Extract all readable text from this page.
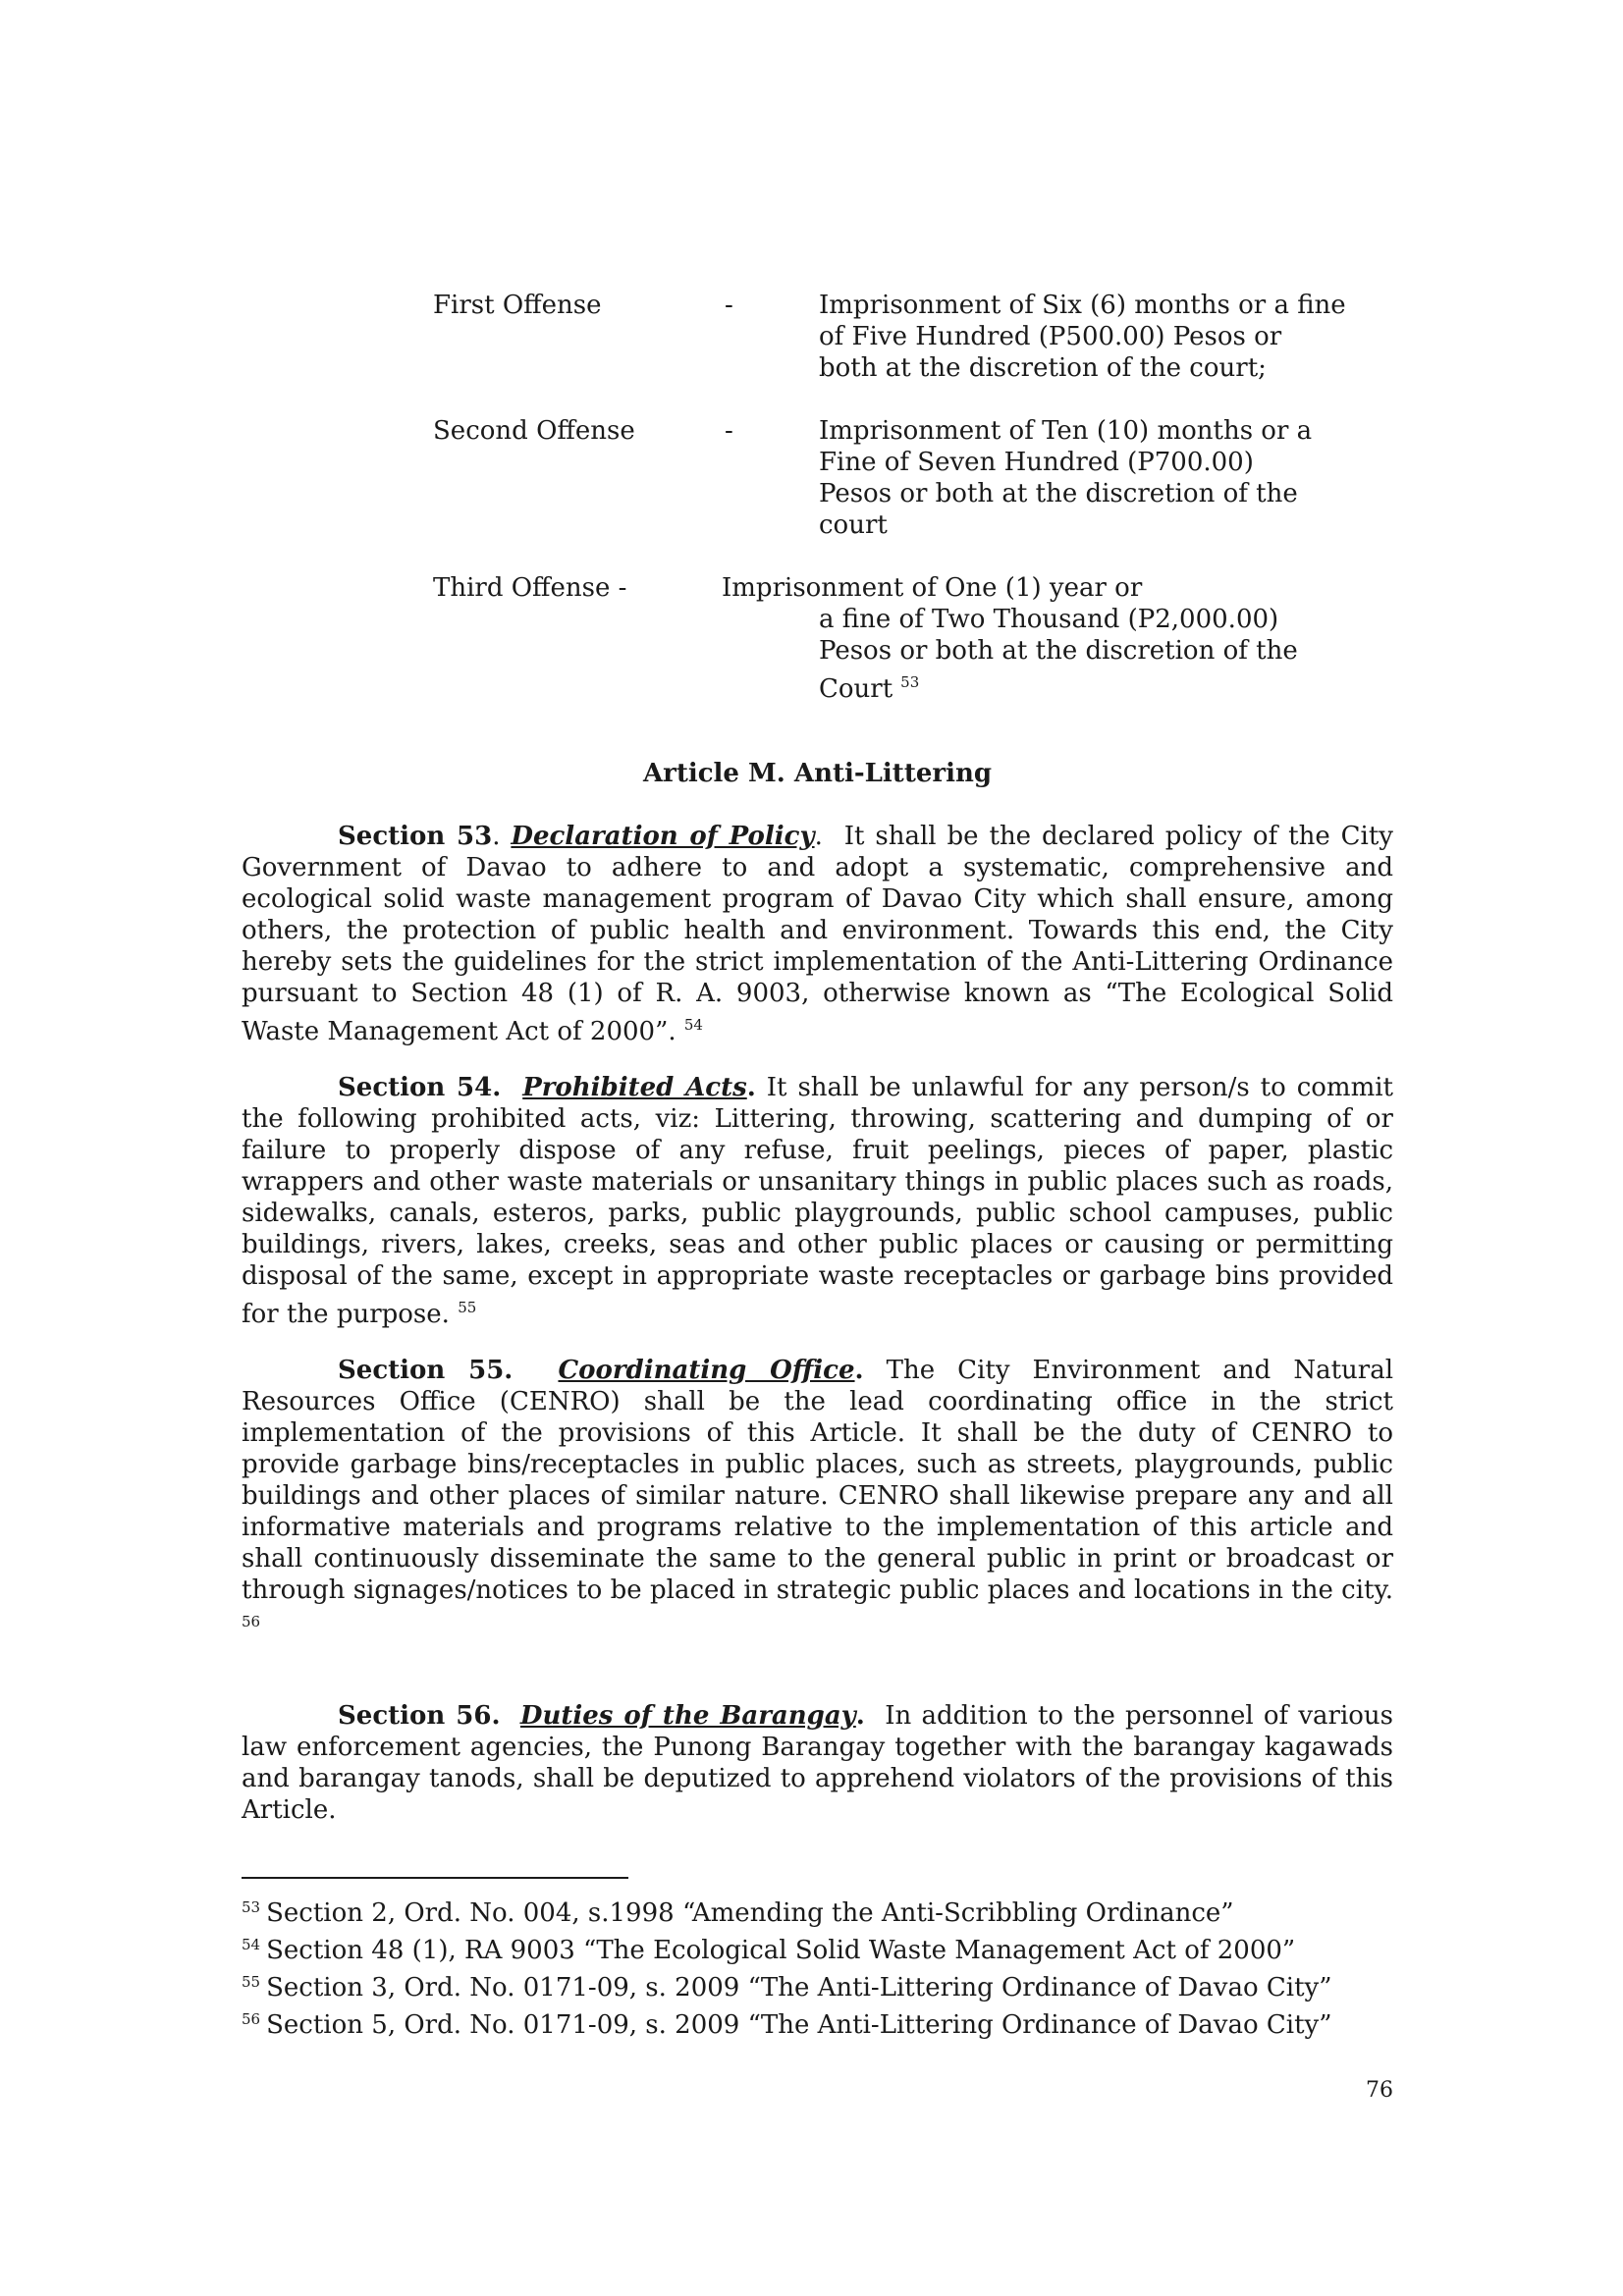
First Offense	-	Imprisonment of Six (6) months or a fine
of Five Hundred (P500.00) Pesos or
both at the discretion of the court;
Second Offense	-	Imprisonment of Ten (10) months or a
Fine of Seven Hundred (P700.00)
Pesos or both at the discretion of the
court
Third Offense -	Imprisonment of One (1) year or
a fine of Two Thousand (P2,000.00)
Pesos or both at the discretion of the
Court $^{53}$
Article M. Anti-Littering
Section 53. Declaration of Policy. It shall be the declared policy of the City Government of Davao to adhere to and adopt a systematic, comprehensive and ecological solid waste management program of Davao City which shall ensure, among others, the protection of public health and environment. Towards this end, the City hereby sets the guidelines for the strict implementation of the Anti-Littering Ordinance pursuant to Section 48 (1) of R. A. 9003, otherwise known as “The Ecological Solid Waste Management Act of 2000”. $^{54}$
Section 54. Prohibited Acts. It shall be unlawful for any person/s to commit the following prohibited acts, viz: Littering, throwing, scattering and dumping of or failure to properly dispose of any refuse, fruit peelings, pieces of paper, plastic wrappers and other waste materials or unsanitary things in public places such as roads, sidewalks, canals, esteros, parks, public playgrounds, public school campuses, public buildings, rivers, lakes, creeks, seas and other public places or causing or permitting disposal of the same, except in appropriate waste receptacles or garbage bins provided for the purpose. $^{55}$
Section 55. Coordinating Office. The City Environment and Natural Resources Office (CENRO) shall be the lead coordinating office in the strict implementation of the provisions of this Article. It shall be the duty of CENRO to provide garbage bins/receptacles in public places, such as streets, playgrounds, public buildings and other places of similar nature. CENRO shall likewise prepare any and all informative materials and programs relative to the implementation of this article and shall continuously disseminate the same to the general public in print or broadcast or through signages/notices to be placed in strategic public places and locations in the city. $^{56}$
Section 56. Duties of the Barangay. In addition to the personnel of various law enforcement agencies, the Punong Barangay together with the barangay kagawads and barangay tanods, shall be deputized to apprehend violators of the provisions of this Article.
$^{53}$ Section 2, Ord. No. 004, s.1998 “Amending the Anti-Scribbling Ordinance”
$^{54}$ Section 48 (1), RA 9003 “The Ecological Solid Waste Management Act of 2000”
$^{55}$ Section 3, Ord. No. 0171-09, s. 2009 “The Anti-Littering Ordinance of Davao City”
$^{56}$ Section 5, Ord. No. 0171-09, s. 2009 “The Anti-Littering Ordinance of Davao City”
76
